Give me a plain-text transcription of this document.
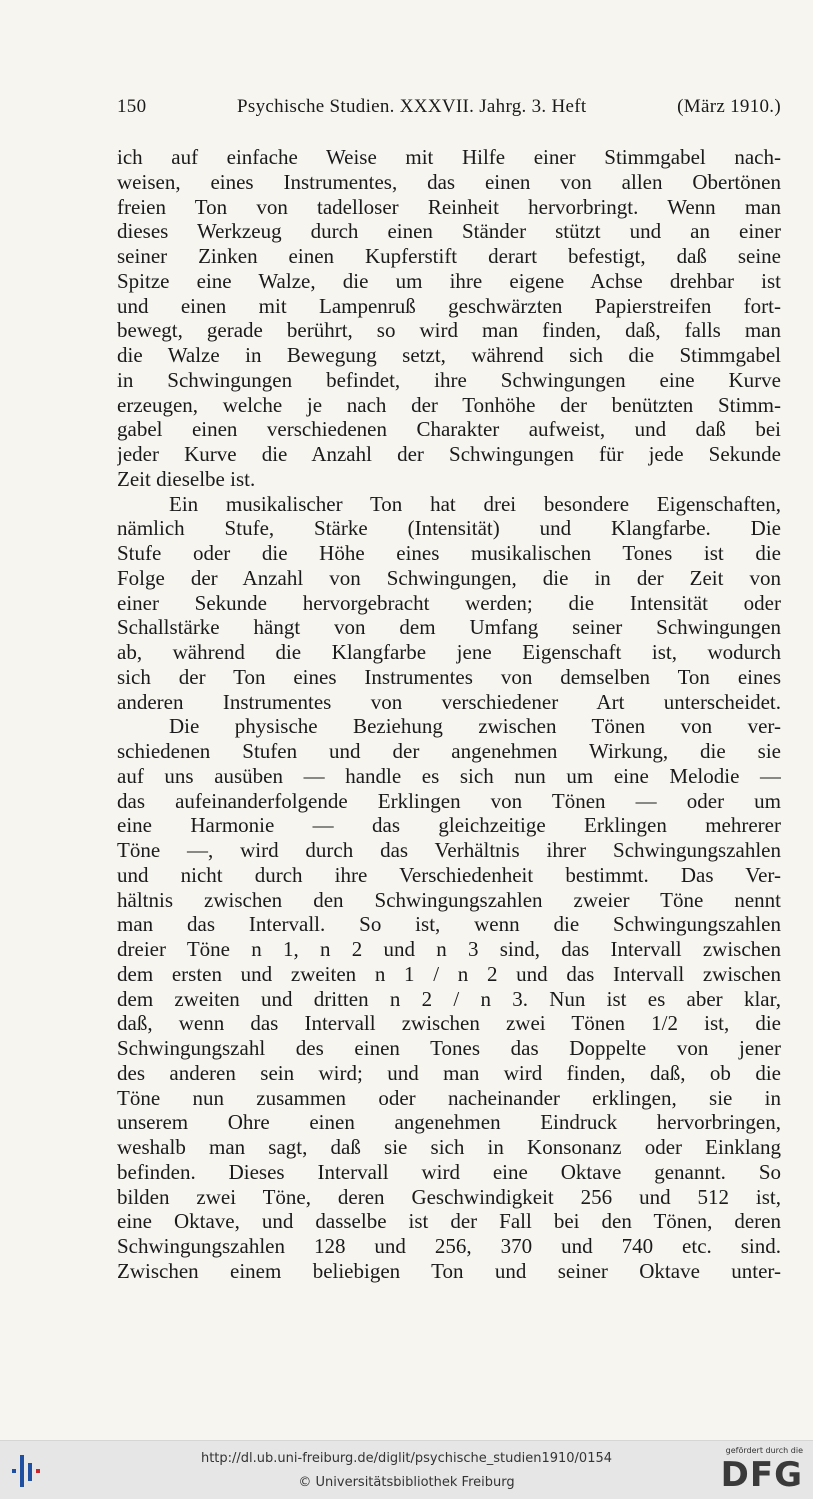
150	Psychische Studien. XXXVII. Jahrg. 3. Heft	(März 1910.)
ich auf einfache Weise mit Hilfe einer Stimmgabel nach-
weisen, eines Instrumentes, das einen von allen Obertönen
freien Ton von tadelloser Reinheit hervorbringt. Wenn man
dieses Werkzeug durch einen Ständer stützt und an einer
seiner Zinken einen Kupferstift derart befestigt, daß seine
Spitze eine Walze, die um ihre eigene Achse drehbar ist
und einen mit Lampenruß geschwärzten Papierstreifen fort-
bewegt, gerade berührt, so wird man finden, daß, falls man
die Walze in Bewegung setzt, während sich die Stimmgabel
in Schwingungen befindet, ihre Schwingungen eine Kurve
erzeugen, welche je nach der Tonhöhe der benützten Stimm-
gabel einen verschiedenen Charakter aufweist, und daß bei
jeder Kurve die Anzahl der Schwingungen für jede Sekunde
Zeit dieselbe ist.
Ein musikalischer Ton hat drei besondere Eigenschaften,
nämlich Stufe, Stärke (Intensität) und Klangfarbe. Die
Stufe oder die Höhe eines musikalischen Tones ist die
Folge der Anzahl von Schwingungen, die in der Zeit von
einer Sekunde hervorgebracht werden; die Intensität oder
Schallstärke hängt von dem Umfang seiner Schwingungen
ab, während die Klangfarbe jene Eigenschaft ist, wodurch
sich der Ton eines Instrumentes von demselben Ton eines
anderen Instrumentes von verschiedener Art unterscheidet.
Die physische Beziehung zwischen Tönen von ver-
schiedenen Stufen und der angenehmen Wirkung, die sie
auf uns ausüben — handle es sich nun um eine Melodie —
das aufeinanderfolgende Erklingen von Tönen — oder um
eine Harmonie — das gleichzeitige Erklingen mehrerer
Töne —, wird durch das Verhältnis ihrer Schwingungszahlen
und nicht durch ihre Verschiedenheit bestimmt. Das Ver-
hältnis zwischen den Schwingungszahlen zweier Töne nennt
man das Intervall. So ist, wenn die Schwingungszahlen
dreier Töne n 1, n 2 und n 3 sind, das Intervall zwischen
dem ersten und zweiten n 1 / n 2 und das Intervall zwischen
dem zweiten und dritten n 2 / n 3. Nun ist es aber klar,
daß, wenn das Intervall zwischen zwei Tönen 1/2 ist, die
Schwingungszahl des einen Tones das Doppelte von jener
des anderen sein wird; und man wird finden, daß, ob die
Töne nun zusammen oder nacheinander erklingen, sie in
unserem Ohre einen angenehmen Eindruck hervorbringen,
weshalb man sagt, daß sie sich in Konsonanz oder Einklang
befinden. Dieses Intervall wird eine Oktave genannt. So
bilden zwei Töne, deren Geschwindigkeit 256 und 512 ist,
eine Oktave, und dasselbe ist der Fall bei den Tönen, deren
Schwingungszahlen 128 und 256, 370 und 740 etc. sind.
Zwischen einem beliebigen Ton und seiner Oktave unter-
http://dl.ub.uni-freiburg.de/diglit/psychische_studien1910/0154
© Universitätsbibliothek Freiburg
gefördert durch die
DFG
